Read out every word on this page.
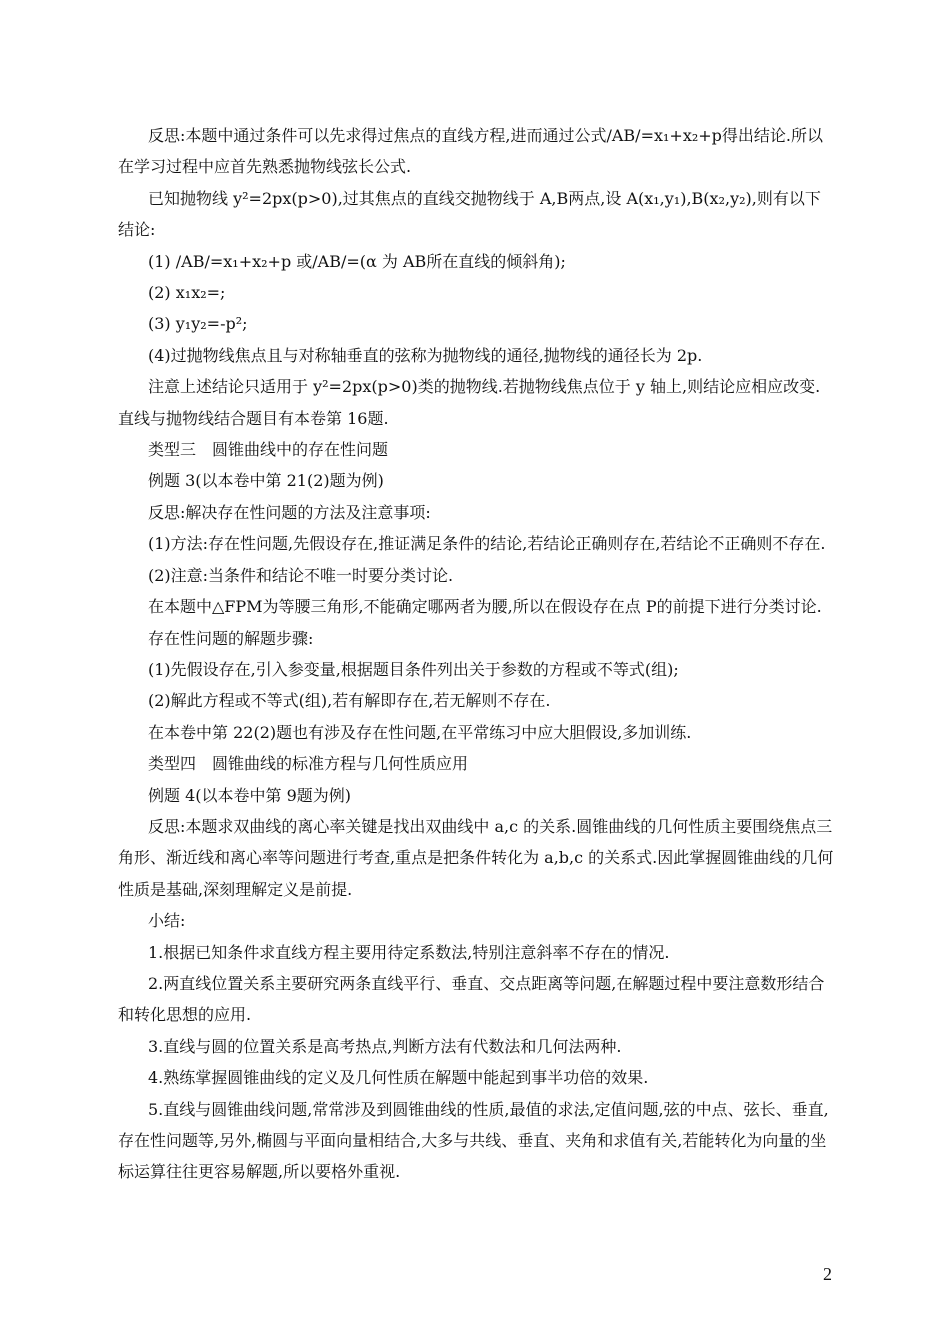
反思:本题中通过条件可以先求得过焦点的直线方程,进而通过公式/AB/=x₁+x₂+p得出结论.所以在学习过程中应首先熟悉抛物线弦长公式.

已知抛物线 y²=2px(p>0),过其焦点的直线交抛物线于 A,B两点,设 A(x₁,y₁),B(x₂,y₂),则有以下结论:

(1) /AB/=x₁+x₂+p 或/AB/=(α 为 AB所在直线的倾斜角);

(2) x₁x₂=;

(3) y₁y₂=-p²;

(4)过抛物线焦点且与对称轴垂直的弦称为抛物线的通径,抛物线的通径长为 2p.

注意上述结论只适用于 y²=2px(p>0)类的抛物线.若抛物线焦点位于 y 轴上,则结论应相应改变.直线与抛物线结合题目有本卷第 16题.

类型三　圆锥曲线中的存在性问题

例题 3(以本卷中第 21(2)题为例)

反思:解决存在性问题的方法及注意事项:

(1)方法:存在性问题,先假设存在,推证满足条件的结论,若结论正确则存在,若结论不正确则不存在.

(2)注意:当条件和结论不唯一时要分类讨论.

在本题中△FPM为等腰三角形,不能确定哪两者为腰,所以在假设存在点 P的前提下进行分类讨论.

存在性问题的解题步骤:

(1)先假设存在,引入参变量,根据题目条件列出关于参数的方程或不等式(组);

(2)解此方程或不等式(组),若有解即存在,若无解则不存在.

在本卷中第 22(2)题也有涉及存在性问题,在平常练习中应大胆假设,多加训练.

类型四　圆锥曲线的标准方程与几何性质应用

例题 4(以本卷中第 9题为例)

反思:本题求双曲线的离心率关键是找出双曲线中 a,c 的关系.圆锥曲线的几何性质主要围绕焦点三角形、渐近线和离心率等问题进行考查,重点是把条件转化为 a,b,c 的关系式.因此掌握圆锥曲线的几何性质是基础,深刻理解定义是前提.

小结:

1.根据已知条件求直线方程主要用待定系数法,特别注意斜率不存在的情况.

2.两直线位置关系主要研究两条直线平行、垂直、交点距离等问题,在解题过程中要注意数形结合和转化思想的应用.

3.直线与圆的位置关系是高考热点,判断方法有代数法和几何法两种.

4.熟练掌握圆锥曲线的定义及几何性质在解题中能起到事半功倍的效果.

5.直线与圆锥曲线问题,常常涉及到圆锥曲线的性质,最值的求法,定值问题,弦的中点、弦长、垂直,存在性问题等,另外,椭圆与平面向量相结合,大多与共线、垂直、夹角和求值有关,若能转化为向量的坐标运算往往更容易解题,所以要格外重视.

2
